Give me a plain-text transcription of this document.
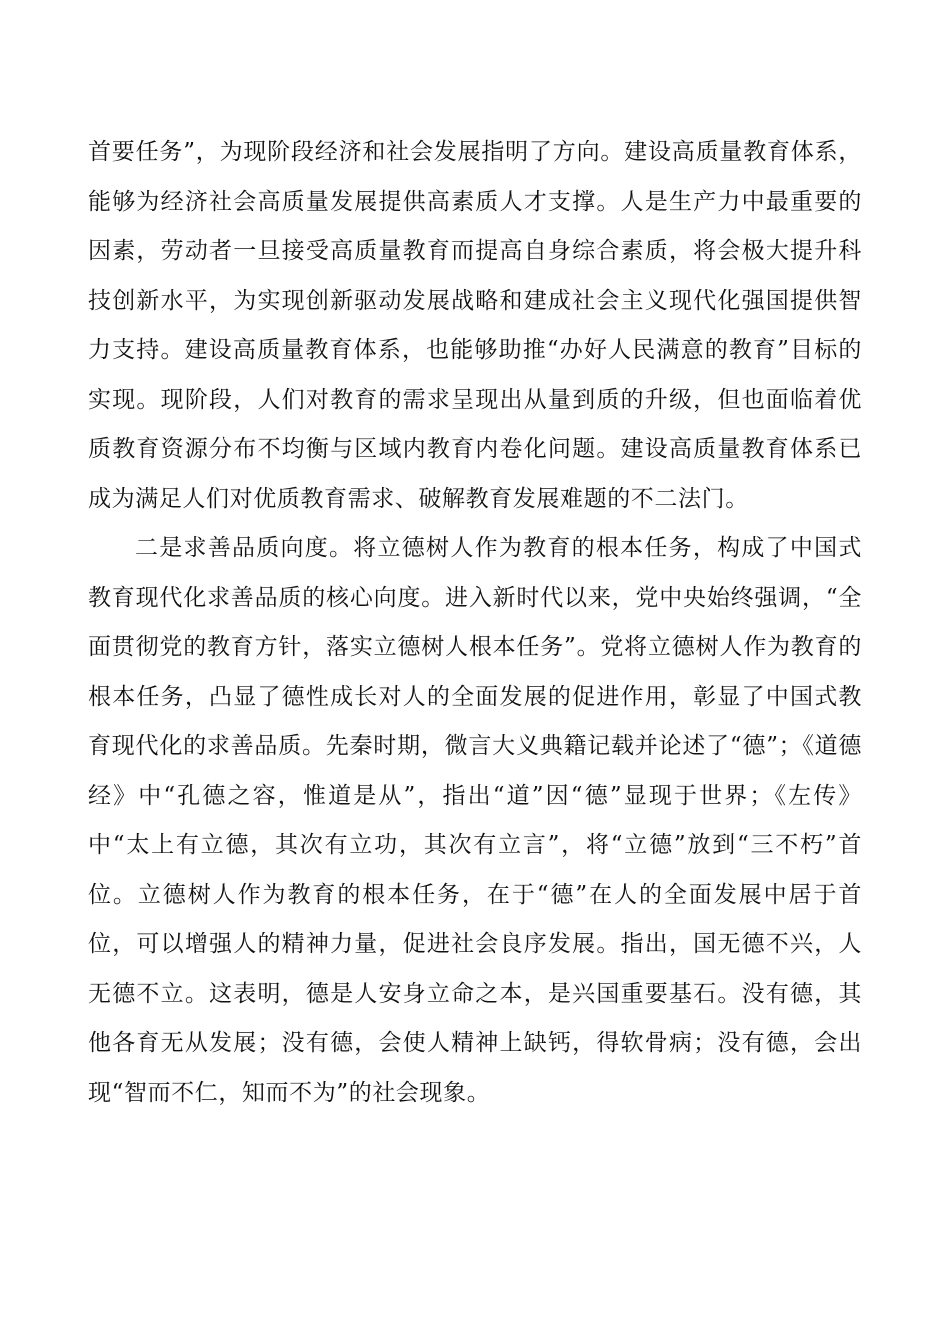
首要任务”，为现阶段经济和社会发展指明了方向。建设高质量教育体系，能够为经济社会高质量发展提供高素质人才支撑。人是生产力中最重要的因素，劳动者一旦接受高质量教育而提高自身综合素质，将会极大提升科技创新水平，为实现创新驱动发展战略和建成社会主义现代化强国提供智力支持。建设高质量教育体系，也能够助推“办好人民满意的教育”目标的实现。现阶段，人们对教育的需求呈现出从量到质的升级，但也面临着优质教育资源分布不均衡与区域内教育内卷化问题。建设高质量教育体系已成为满足人们对优质教育需求、破解教育发展难题的不二法门。

二是求善品质向度。将立德树人作为教育的根本任务，构成了中国式教育现代化求善品质的核心向度。进入新时代以来，党中央始终强调，“全面贯彻党的教育方针，落实立德树人根本任务”。党将立德树人作为教育的根本任务，凸显了德性成长对人的全面发展的促进作用，彰显了中国式教育现代化的求善品质。先秦时期，微言大义典籍记载并论述了“德”；《道德经》中“孔德之容，惟道是从”，指出“道”因“德”显现于世界；《左传》中“太上有立德，其次有立功，其次有立言”，将“立德”放到“三不朽”首位。立德树人作为教育的根本任务，在于“德”在人的全面发展中居于首位，可以增强人的精神力量，促进社会良序发展。指出，国无德不兴，人无德不立。这表明，德是人安身立命之本，是兴国重要基石。没有德，其他各育无从发展；没有德，会使人精神上缺钙，得软骨病；没有德，会出现“智而不仁，知而不为”的社会现象。
